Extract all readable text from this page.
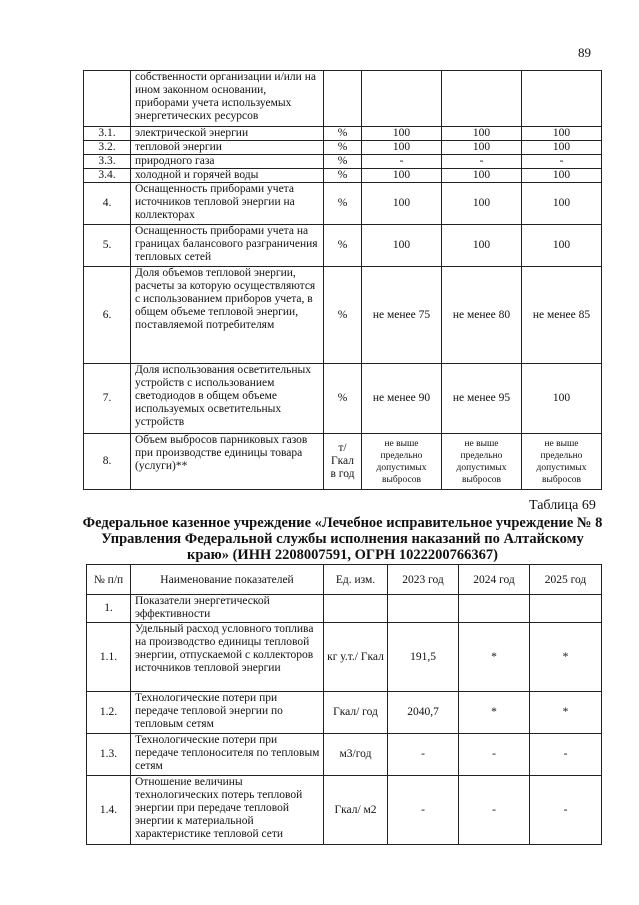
89
	собственности организации и/или на ином законном основании, приборами учета используемых энергетических ресурсов				
3.1.	электрической энергии	%	100	100	100
3.2.	тепловой энергии	%	100	100	100
3.3.	природного газа	%	-	-	-
3.4.	холодной и горячей воды	%	100	100	100
4.	Оснащенность приборами учета источников тепловой энергии на коллекторах	%	100	100	100
5.	Оснащенность приборами учета на границах балансового разграничения тепловых сетей	%	100	100	100
6.	Доля объемов тепловой энергии, расчеты за которую осуществляются с использованием приборов учета, в общем объеме тепловой энергии, поставляемой потребителям	%	не менее 75	не менее 80	не менее 85
7.	Доля использования осветительных устройств с использованием светодиодов в общем объеме используемых осветительных устройств	%	не менее 90	не менее 95	100
8.	Объем выбросов парниковых газов при производстве единицы товара (услуги)**	т/Гкал в год	не выше предельно допустимых выбросов	не выше предельно допустимых выбросов	не выше предельно допустимых выбросов
Таблица 69
Федеральное казенное учреждение «Лечебное исправительное учреждение № 8 Управления Федеральной службы исполнения наказаний по Алтайскому краю» (ИНН 2208007591, ОГРН 1022200766367)
№ п/п	Наименование показателей	Ед. изм.	2023 год	2024 год	2025 год
1.	Показатели энергетической эффективности				
1.1.	Удельный расход условного топлива на производство единицы тепловой энергии, отпускаемой с коллекторов источников тепловой энергии	кг у.т./ Гкал	191,5	*	*
1.2.	Технологические потери при передаче тепловой энергии по тепловым сетям	Гкал/ год	2040,7	*	*
1.3.	Технологические потери при передаче теплоносителя по тепловым сетям	м3/год	-	-	-
1.4.	Отношение величины технологических потерь тепловой энергии при передаче тепловой энергии к материальной характеристике тепловой сети	Гкал/ м2	-	-	-
